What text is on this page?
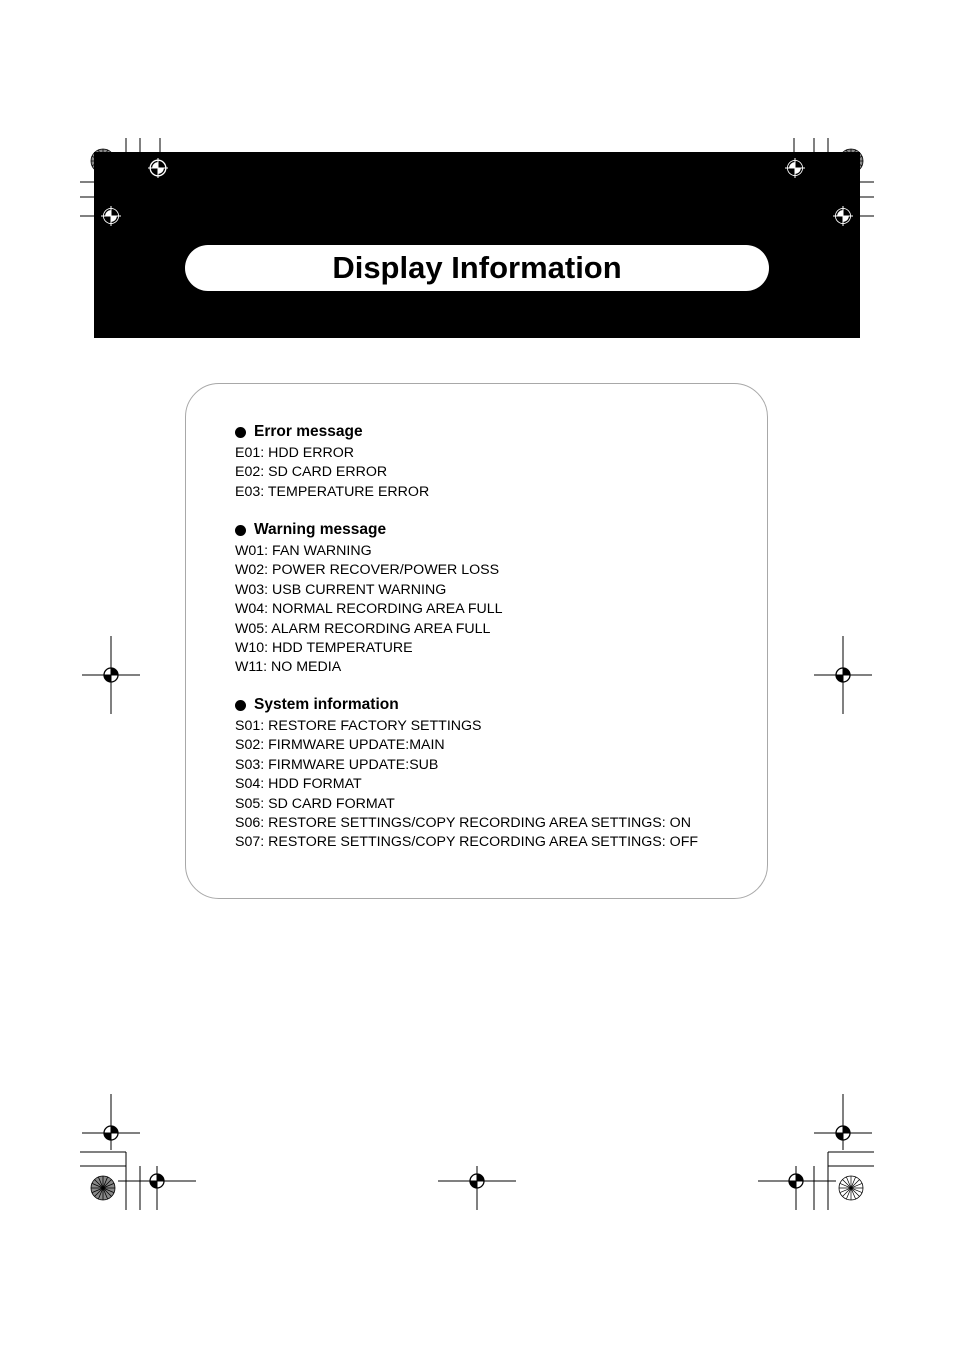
Display Information
Error message
E01: HDD ERROR
E02: SD CARD ERROR
E03: TEMPERATURE ERROR
Warning message
W01: FAN WARNING
W02: POWER RECOVER/POWER LOSS
W03: USB CURRENT WARNING
W04: NORMAL RECORDING AREA FULL
W05: ALARM RECORDING AREA FULL
W10: HDD TEMPERATURE
W11: NO MEDIA
System information
S01: RESTORE FACTORY SETTINGS
S02: FIRMWARE UPDATE:MAIN
S03: FIRMWARE UPDATE:SUB
S04: HDD FORMAT
S05: SD CARD FORMAT
S06: RESTORE SETTINGS/COPY RECORDING AREA SETTINGS: ON
S07: RESTORE SETTINGS/COPY RECORDING AREA SETTINGS: OFF
